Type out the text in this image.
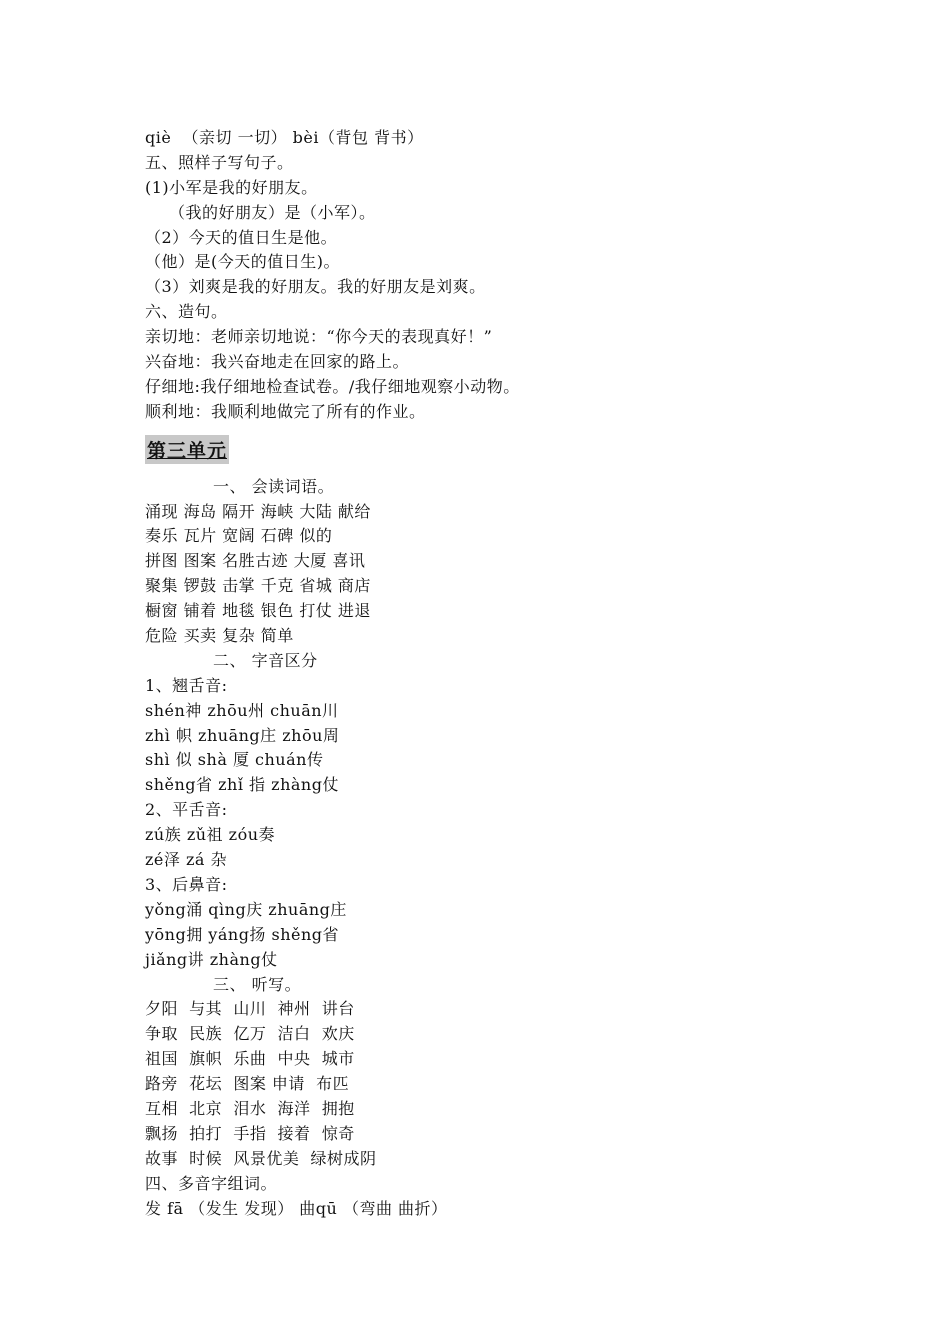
qiè  （亲切 一切） bèi（背包 背书）
五、照样子写句子。
(1)小军是我的好朋友。
（我的好朋友）是（小军）。
（2）今天的值日生是他。
（他）是(今天的值日生)。
（3）刘爽是我的好朋友。我的好朋友是刘爽。
六、造句。
亲切地：老师亲切地说：“你今天的表现真好！”
兴奋地：我兴奋地走在回家的路上。
仔细地:我仔细地检查试卷。/我仔细地观察小动物。
顺利地：我顺利地做完了所有的作业。
第三单元
一、 会读词语。
涌现 海岛 隔开 海峡 大陆 献给
奏乐 瓦片 宽阔 石碑 似的
拼图 图案 名胜古迹 大厦 喜讯
聚集 锣鼓 击掌 千克 省城 商店
橱窗 铺着 地毯 银色 打仗 进退
危险 买卖 复杂 简单
二、 字音区分
1、翘舌音:
shén神 zhōu州 chuān川
zhì 帜 zhuāng庄 zhōu周
shì 似 shà 厦 chuán传
shěng省 zhǐ 指 zhàng仗
2、平舌音:
zú族 zǔ祖 zóu奏
zé泽 zá 杂
3、后鼻音:
yǒng涌 qìng庆 zhuāng庄
yōng拥 yáng扬 shěng省
jiǎng讲 zhàng仗
三、 听写。
夕阳  与其  山川  神州  讲台
争取  民族  亿万  洁白  欢庆
祖国  旗帜  乐曲  中央  城市
路旁  花坛  图案 申请  布匹
互相  北京  泪水  海洋  拥抱
飘扬  拍打  手指  接着  惊奇
故事  时候  风景优美  绿树成阴
四、多音字组词。
发 fā （发生 发现） 曲qū （弯曲 曲折）
